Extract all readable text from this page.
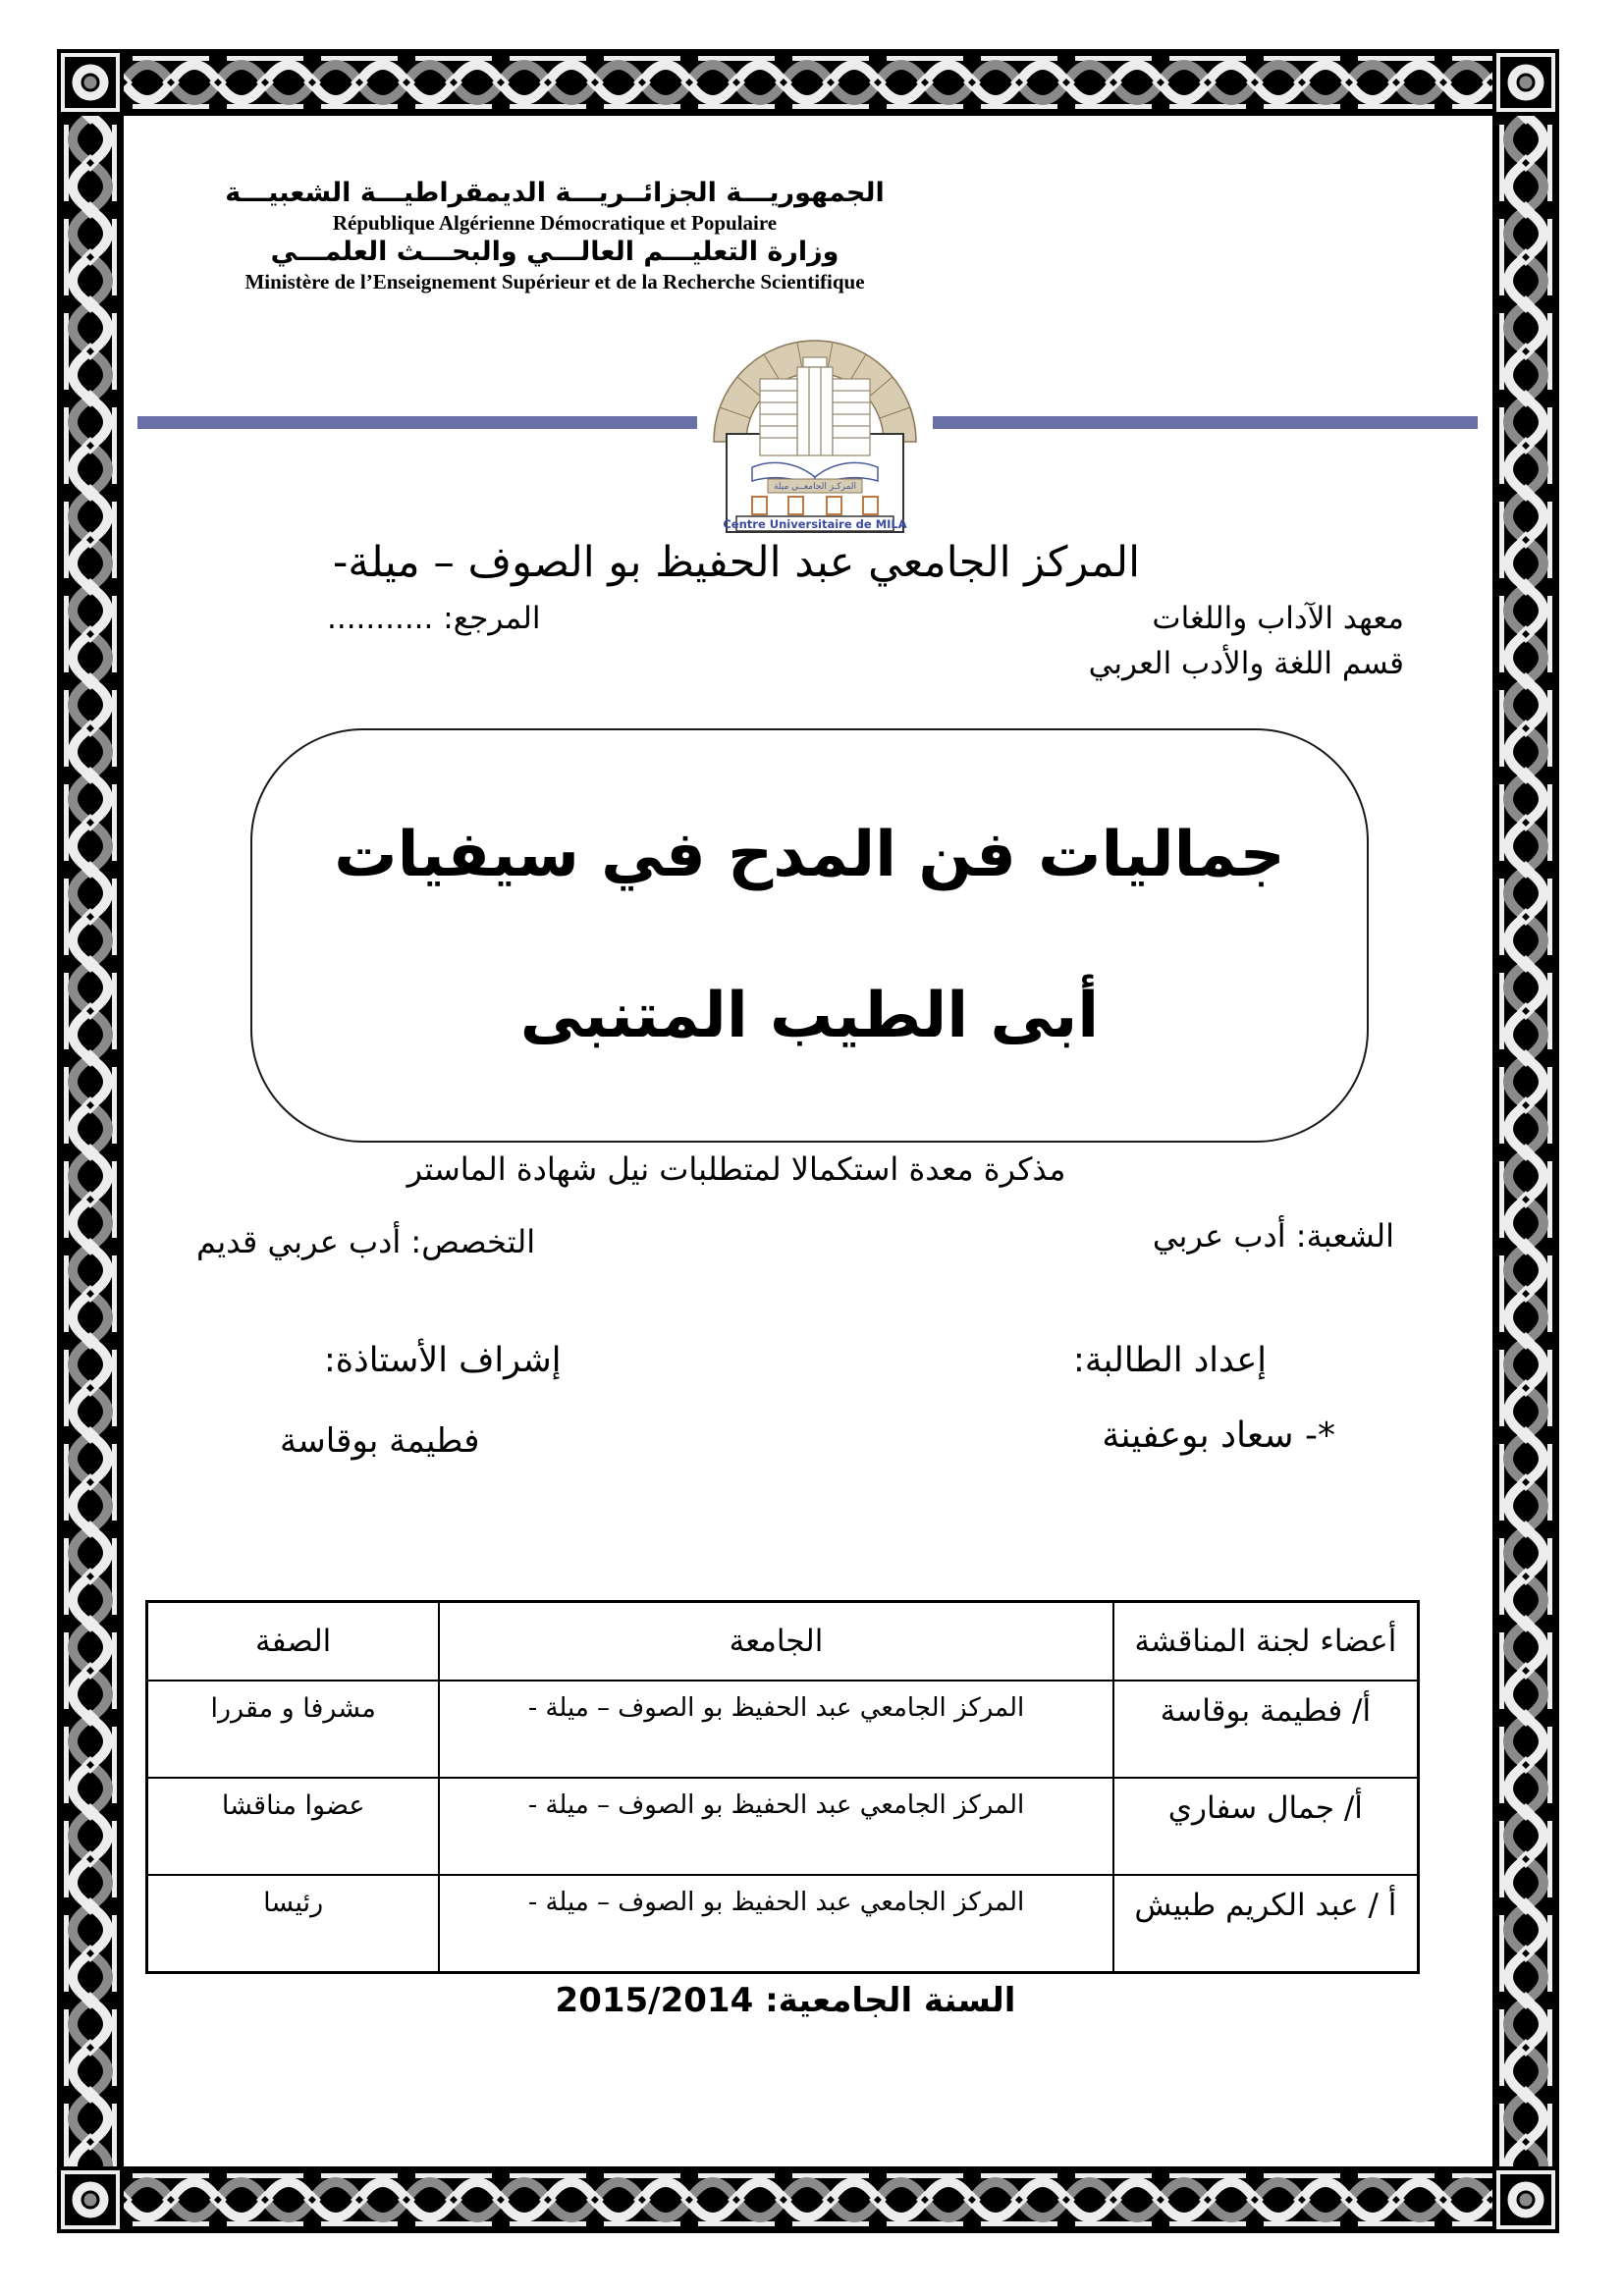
الجمهوريـــة الجزائــريـــة الديمقراطيـــة الشعبيـــة
République Algérienne Démocratique et Populaire
وزارة التعليـــم العالـــي والبحـــث العلمـــي
Ministère de l’Enseignement Supérieur et de la Recherche Scientifique
المركـز الجامعــي ميلة
Centre Universitaire de MILA
المركز الجامعي عبد الحفيظ بو الصوف – ميلة-
معهد الآداب واللغات
المرجع: ...........
قسم اللغة والأدب العربي
جماليات فن المدح في سيفيات
أبى الطيب المتنبى
مذكرة معدة استكمالا لمتطلبات نيل شهادة الماستر
الشعبة: أدب عربي
التخصص: أدب عربي قديم
إعداد الطالبة:
إشراف الأستاذة:
*- سعاد بوعفينة
فطيمة بوقاسة
أعضاء لجنة المناقشة	الجامعة	الصفة
أ/ فطيمة بوقاسة	المركز الجامعي عبد الحفيظ بو الصوف – ميلة -	مشرفا و مقررا
أ/ جمال سفاري	المركز الجامعي عبد الحفيظ بو الصوف – ميلة -	عضوا مناقشا
أ / عبد الكريم طبيش	المركز الجامعي عبد الحفيظ بو الصوف – ميلة -	رئيسا
السنة الجامعية: 2015/2014
